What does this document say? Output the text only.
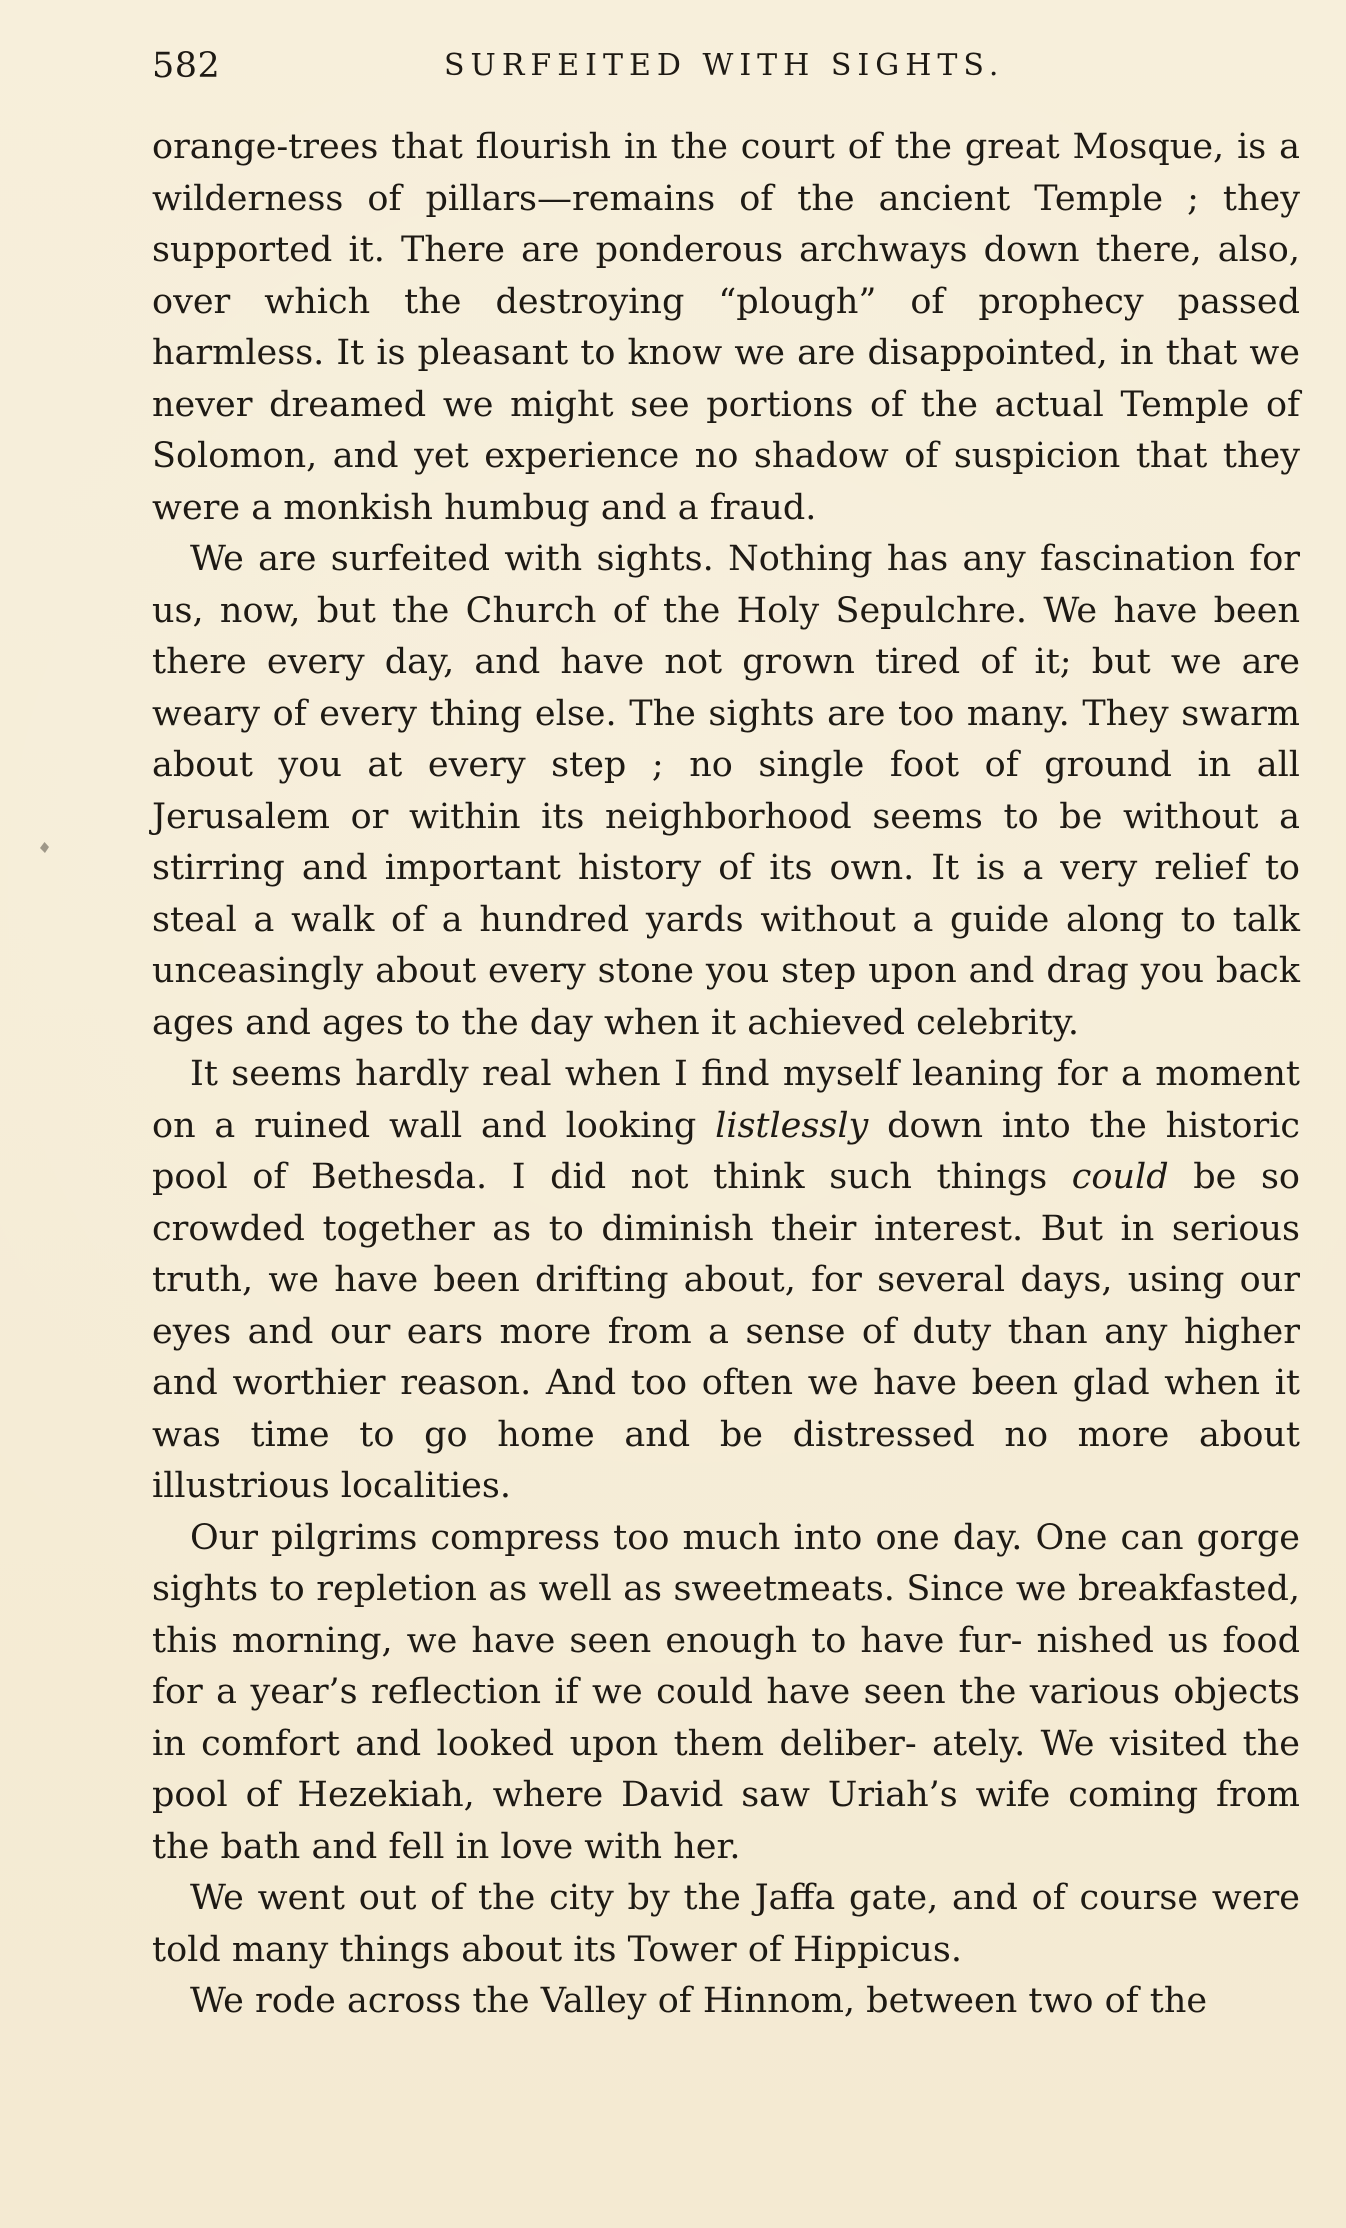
582	SURFEITED WITH SIGHTS.

orange-trees that flourish in the court of the great Mosque, is a wilderness of pillars—remains of the ancient Temple ; they supported it. There are ponderous archways down there, also, over which the destroying “plough” of prophecy passed harmless. It is pleasant to know we are disappointed, in that we never dreamed we might see portions of the actual Temple of Solomon, and yet experience no shadow of suspicion that they were a monkish humbug and a fraud.

We are surfeited with sights. Nothing has any fascination for us, now, but the Church of the Holy Sepulchre. We have been there every day, and have not grown tired of it; but we are weary of every thing else. The sights are too many. They swarm about you at every step ; no single foot of ground in all Jerusalem or within its neighborhood seems to be without a stirring and important history of its own. It is a very relief to steal a walk of a hundred yards without a guide along to talk unceasingly about every stone you step upon and drag you back ages and ages to the day when it achieved celebrity.

It seems hardly real when I find myself leaning for a moment on a ruined wall and looking listlessly down into the historic pool of Bethesda. I did not think such things could be so crowded together as to diminish their interest. But in serious truth, we have been drifting about, for several days, using our eyes and our ears more from a sense of duty than any higher and worthier reason. And too often we have been glad when it was time to go home and be distressed no more about illustrious localities.

Our pilgrims compress too much into one day. One can gorge sights to repletion as well as sweetmeats. Since we breakfasted, this morning, we have seen enough to have fur- nished us food for a year’s reflection if we could have seen the various objects in comfort and looked upon them deliber- ately. We visited the pool of Hezekiah, where David saw Uriah’s wife coming from the bath and fell in love with her.

We went out of the city by the Jaffa gate, and of course were told many things about its Tower of Hippicus.

We rode across the Valley of Hinnom, between two of the
